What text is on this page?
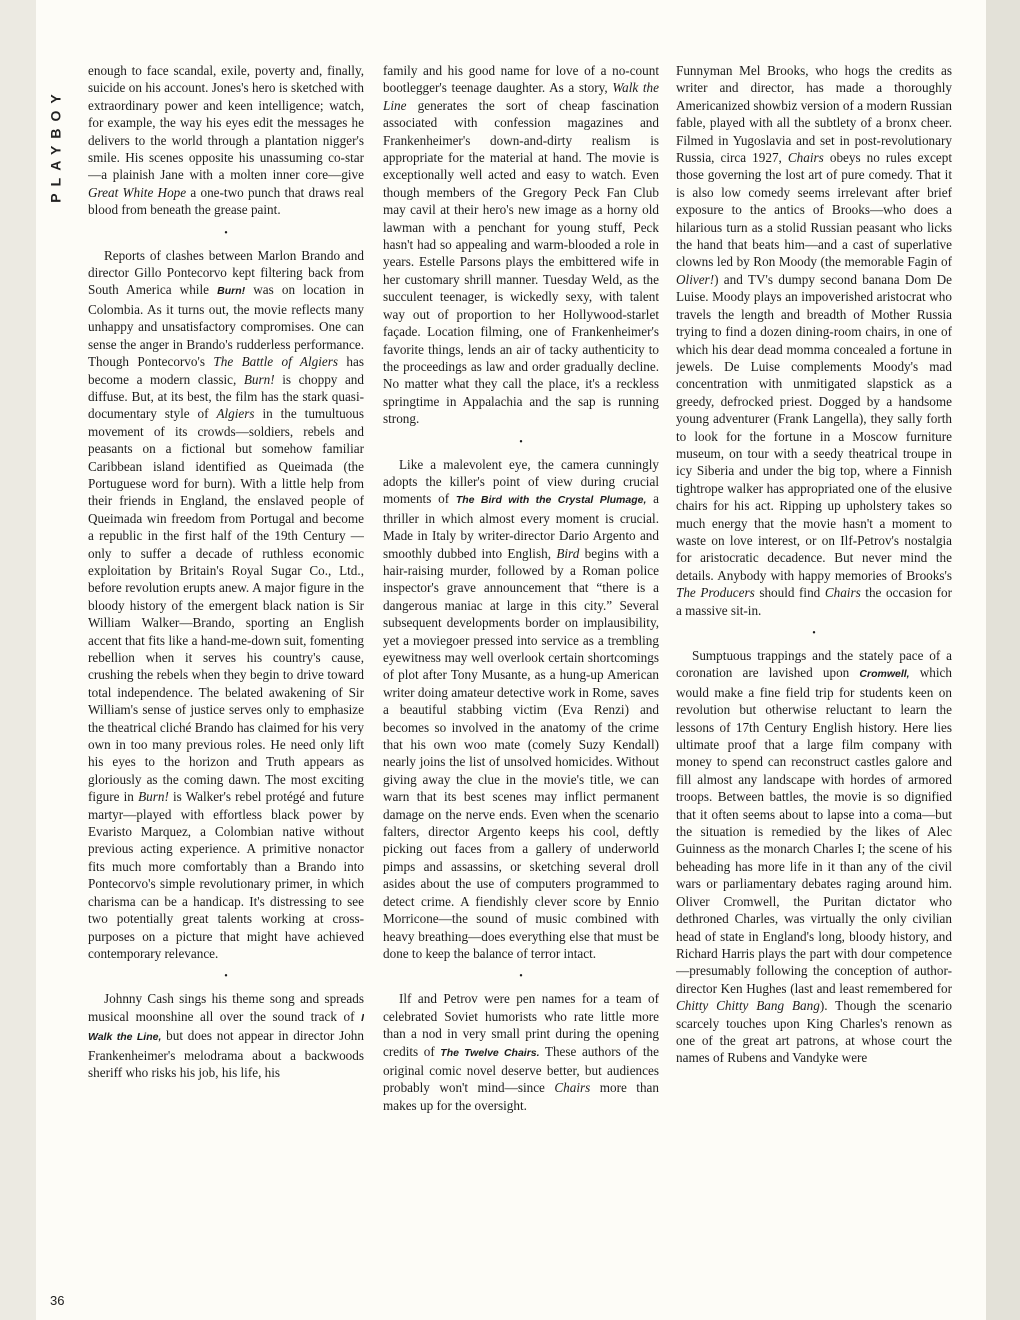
PLAYBOY
36

enough to face scandal, exile, poverty and, finally, suicide on his account. Jones's hero is sketched with extraordinary power and keen intelligence; watch, for example, the way his eyes edit the messages he delivers to the world through a plantation nigger's smile. His scenes opposite his unassuming co-star—a plainish Jane with a molten inner core—give Great White Hope a one-two punch that draws real blood from beneath the grease paint.

•

Reports of clashes between Marlon Brando and director Gillo Pontecorvo kept filtering back from South America while Burn! was on location in Colombia. As it turns out, the movie reflects many unhappy and unsatisfactory compromises. One can sense the anger in Brando's rudderless performance. Though Pontecorvo's The Battle of Algiers has become a modern classic, Burn! is choppy and diffuse. But, at its best, the film has the stark quasi-documentary style of Algiers in the tumultuous movement of its crowds—soldiers, rebels and peasants on a fictional but somehow familiar Caribbean island identified as Queimada (the Portuguese word for burn). With a little help from their friends in England, the enslaved people of Queimada win freedom from Portugal and become a republic in the first half of the 19th Century —only to suffer a decade of ruthless economic exploitation by Britain's Royal Sugar Co., Ltd., before revolution erupts anew. A major figure in the bloody history of the emergent black nation is Sir William Walker—Brando, sporting an English accent that fits like a hand-me-down suit, fomenting rebellion when it serves his country's cause, crushing the rebels when they begin to drive toward total independence. The belated awakening of Sir William's sense of justice serves only to emphasize the theatrical cliché Brando has claimed for his very own in too many previous roles. He need only lift his eyes to the horizon and Truth appears as gloriously as the coming dawn. The most exciting figure in Burn! is Walker's rebel protégé and future martyr—played with effortless black power by Evaristo Marquez, a Colombian native without previous acting experience. A primitive nonactor fits much more comfortably than a Brando into Pontecorvo's simple revolutionary primer, in which charisma can be a handicap. It's distressing to see two potentially great talents working at cross-purposes on a picture that might have achieved contemporary relevance.

•

Johnny Cash sings his theme song and spreads musical moonshine all over the sound track of I Walk the Line, but does not appear in director John Frankenheimer's melodrama about a backwoods sheriff who risks his job, his life, his

family and his good name for love of a no-count bootlegger's teenage daughter. As a story, Walk the Line generates the sort of cheap fascination associated with confession magazines and Frankenheimer's down-and-dirty realism is appropriate for the material at hand. The movie is exceptionally well acted and easy to watch. Even though members of the Gregory Peck Fan Club may cavil at their hero's new image as a horny old lawman with a penchant for young stuff, Peck hasn't had so appealing and warm-blooded a role in years. Estelle Parsons plays the embittered wife in her customary shrill manner. Tuesday Weld, as the succulent teenager, is wickedly sexy, with talent way out of proportion to her Hollywood-starlet façade. Location filming, one of Frankenheimer's favorite things, lends an air of tacky authenticity to the proceedings as law and order gradually decline. No matter what they call the place, it's a reckless springtime in Appalachia and the sap is running strong.

•

Like a malevolent eye, the camera cunningly adopts the killer's point of view during crucial moments of The Bird with the Crystal Plumage, a thriller in which almost every moment is crucial. Made in Italy by writer-director Dario Argento and smoothly dubbed into English, Bird begins with a hair-raising murder, followed by a Roman police inspector's grave announcement that “there is a dangerous maniac at large in this city.” Several subsequent developments border on implausibility, yet a moviegoer pressed into service as a trembling eyewitness may well overlook certain shortcomings of plot after Tony Musante, as a hung-up American writer doing amateur detective work in Rome, saves a beautiful stabbing victim (Eva Renzi) and becomes so involved in the anatomy of the crime that his own woo mate (comely Suzy Kendall) nearly joins the list of unsolved homicides. Without giving away the clue in the movie's title, we can warn that its best scenes may inflict permanent damage on the nerve ends. Even when the scenario falters, director Argento keeps his cool, deftly picking out faces from a gallery of underworld pimps and assassins, or sketching several droll asides about the use of computers programmed to detect crime. A fiendishly clever score by Ennio Morricone—the sound of music combined with heavy breathing—does everything else that must be done to keep the balance of terror intact.

•

Ilf and Petrov were pen names for a team of celebrated Soviet humorists who rate little more than a nod in very small print during the opening credits of The Twelve Chairs. These authors of the original comic novel deserve better, but audiences probably won't mind—since Chairs more than makes up for the oversight.

Funnyman Mel Brooks, who hogs the credits as writer and director, has made a thoroughly Americanized showbiz version of a modern Russian fable, played with all the subtlety of a bronx cheer. Filmed in Yugoslavia and set in post-revolutionary Russia, circa 1927, Chairs obeys no rules except those governing the lost art of pure comedy. That it is also low comedy seems irrelevant after brief exposure to the antics of Brooks—who does a hilarious turn as a stolid Russian peasant who licks the hand that beats him—and a cast of superlative clowns led by Ron Moody (the memorable Fagin of Oliver!) and TV's dumpy second banana Dom De Luise. Moody plays an impoverished aristocrat who travels the length and breadth of Mother Russia trying to find a dozen dining-room chairs, in one of which his dear dead momma concealed a fortune in jewels. De Luise complements Moody's mad concentration with unmitigated slapstick as a greedy, defrocked priest. Dogged by a handsome young adventurer (Frank Langella), they sally forth to look for the fortune in a Moscow furniture museum, on tour with a seedy theatrical troupe in icy Siberia and under the big top, where a Finnish tightrope walker has appropriated one of the elusive chairs for his act. Ripping up upholstery takes so much energy that the movie hasn't a moment to waste on love interest, or on Ilf-Petrov's nostalgia for aristocratic decadence. But never mind the details. Anybody with happy memories of Brooks's The Producers should find Chairs the occasion for a massive sit-in.

•

Sumptuous trappings and the stately pace of a coronation are lavished upon Cromwell, which would make a fine field trip for students keen on revolution but otherwise reluctant to learn the lessons of 17th Century English history. Here lies ultimate proof that a large film company with money to spend can reconstruct castles galore and fill almost any landscape with hordes of armored troops. Between battles, the movie is so dignified that it often seems about to lapse into a coma—but the situation is remedied by the likes of Alec Guinness as the monarch Charles I; the scene of his beheading has more life in it than any of the civil wars or parliamentary debates raging around him. Oliver Cromwell, the Puritan dictator who dethroned Charles, was virtually the only civilian head of state in England's long, bloody history, and Richard Harris plays the part with dour competence—presumably following the conception of author-director Ken Hughes (last and least remembered for Chitty Chitty Bang Bang). Though the scenario scarcely touches upon King Charles's renown as one of the great art patrons, at whose court the names of Rubens and Vandyke were
